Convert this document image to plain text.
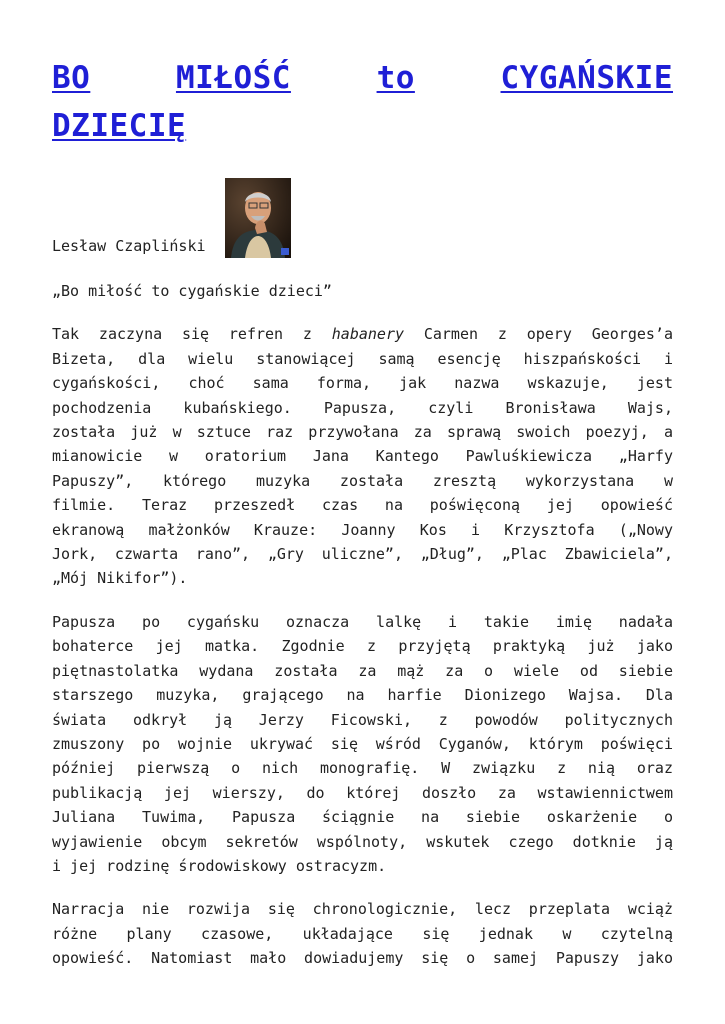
BO	MIŁOŚĆ	to	CYGAŃSKIE
DZIECIĘ
Lesław Czapliński

„Bo miłość to cygańskie dzieci”

Tak zaczyna się refren z habanery Carmen z opery Georges’a
Bizeta, dla wielu stanowiącej samą esencję hiszpańskości i
cygańskości, choć sama forma, jak nazwa wskazuje, jest
pochodzenia kubańskiego. Papusza, czyli Bronisława Wajs,
została już w sztuce raz przywołana za sprawą swoich poezyj, a
mianowicie w oratorium Jana Kantego Pawluśkiewicza „Harfy
Papuszy”, którego muzyka została zresztą wykorzystana w
filmie. Teraz przeszedł czas na poświęconą jej opowieść
ekranową małżonków Krauze: Joanny Kos i Krzysztofa („Nowy
Jork, czwarta rano”, „Gry uliczne”, „Dług”, „Plac Zbawiciela”,
„Mój Nikifor”).

Papusza po cygańsku oznacza lalkę i takie imię nadała
bohaterce jej matka. Zgodnie z przyjętą praktyką już jako
piętnastolatka wydana została za mąż za o wiele od siebie
starszego muzyka, grającego na harfie Dionizego Wajsa. Dla
świata odkrył ją Jerzy Ficowski, z powodów politycznych
zmuszony po wojnie ukrywać się wśród Cyganów, którym poświęci
później pierwszą o nich monografię. W związku z nią oraz
publikacją jej wierszy, do której doszło za wstawiennictwem
Juliana Tuwima, Papusza ściągnie na siebie oskarżenie o
wyjawienie obcym sekretów wspólnoty, wskutek czego dotknie ją
i jej rodzinę środowiskowy ostracyzm.

Narracja nie rozwija się chronologicznie, lecz przeplata wciąż
różne plany czasowe, układające się jednak w czytelną
opowieść. Natomiast mało dowiadujemy się o samej Papuszy jako
